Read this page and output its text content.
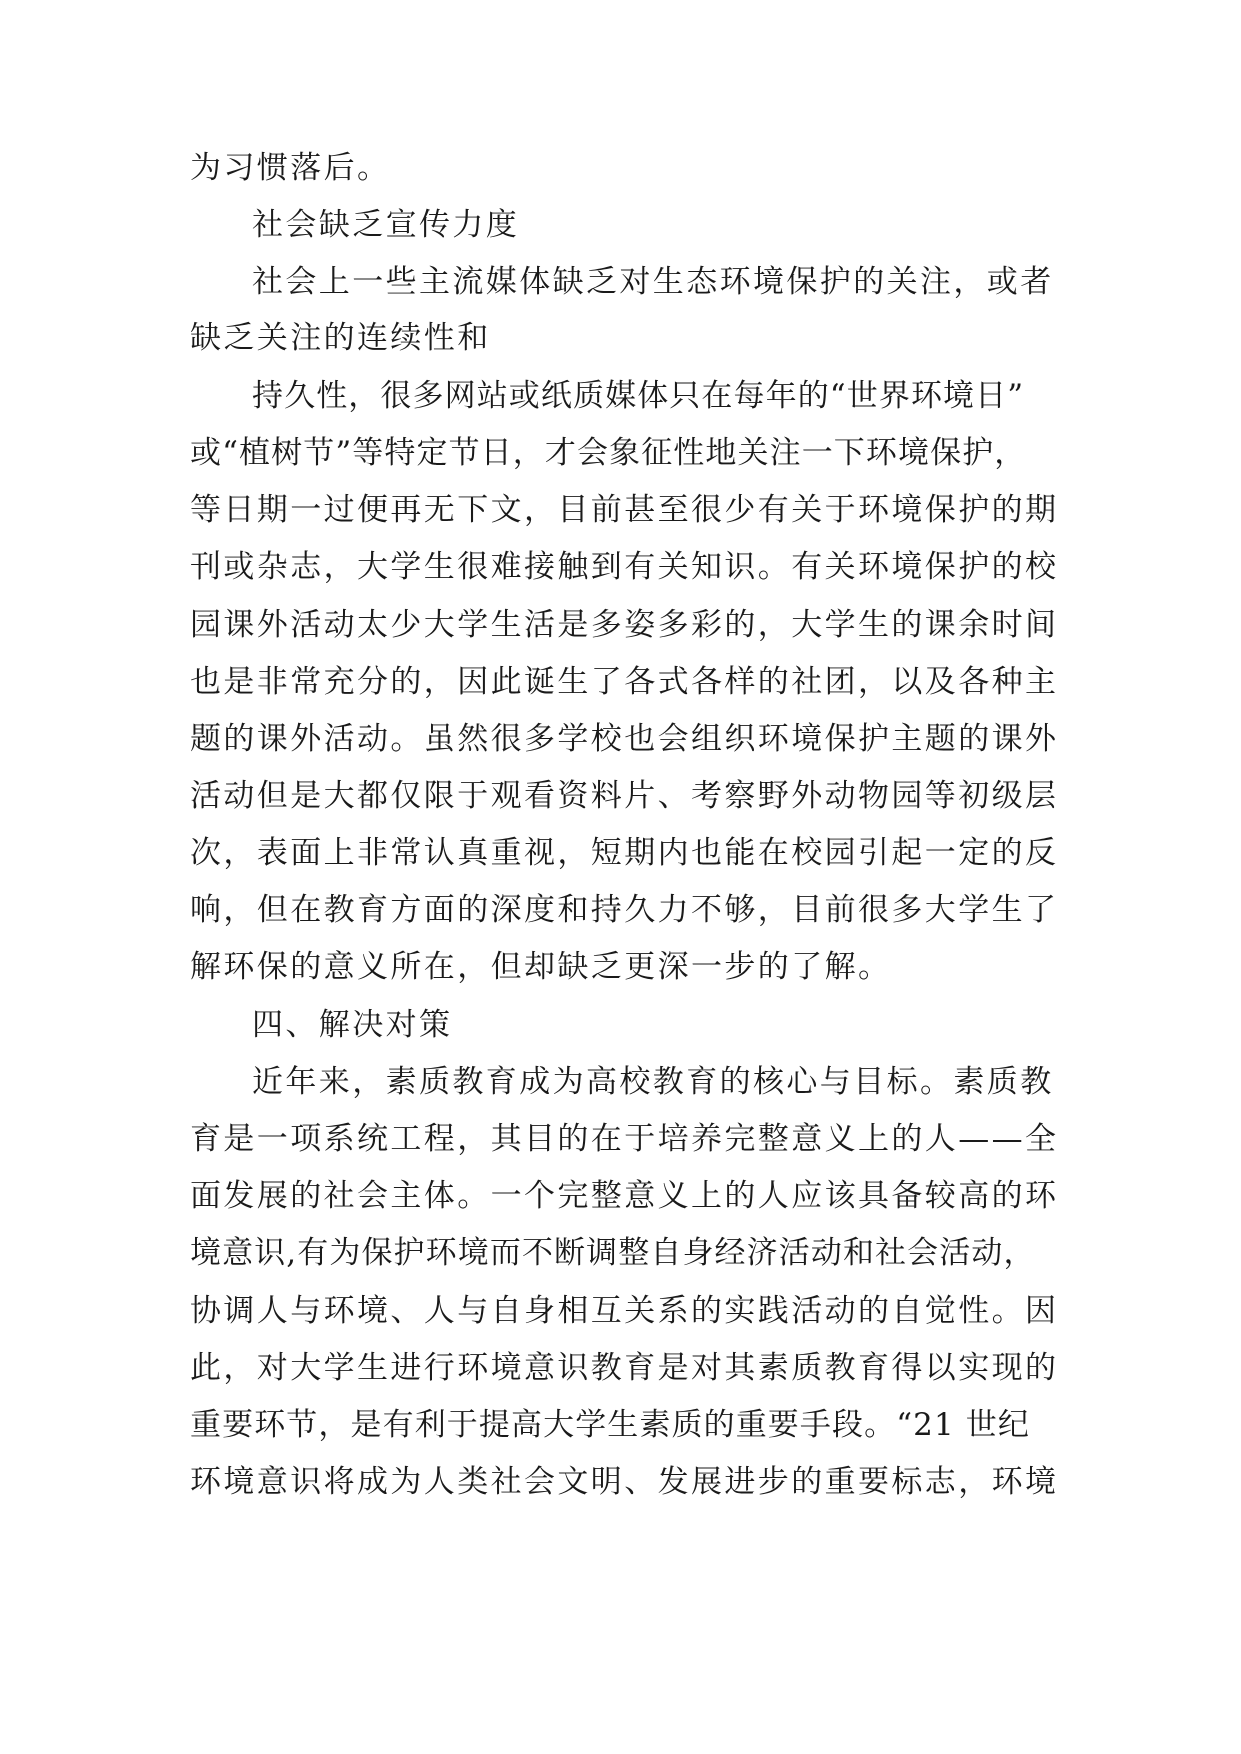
为习惯落后。
社会缺乏宣传力度
社会上一些主流媒体缺乏对生态环境保护的关注，或者
缺乏关注的连续性和
持久性，很多网站或纸质媒体只在每年的“世界环境日”
或“植树节”等特定节日，才会象征性地关注一下环境保护，
等日期一过便再无下文，目前甚至很少有关于环境保护的期
刊或杂志，大学生很难接触到有关知识。有关环境保护的校
园课外活动太少大学生活是多姿多彩的，大学生的课余时间
也是非常充分的，因此诞生了各式各样的社团，以及各种主
题的课外活动。虽然很多学校也会组织环境保护主题的课外
活动但是大都仅限于观看资料片、考察野外动物园等初级层
次，表面上非常认真重视，短期内也能在校园引起一定的反
响，但在教育方面的深度和持久力不够，目前很多大学生了
解环保的意义所在，但却缺乏更深一步的了解。
四、解决对策
近年来，素质教育成为高校教育的核心与目标。素质教
育是一项系统工程，其目的在于培养完整意义上的人——全
面发展的社会主体。一个完整意义上的人应该具备较高的环
境意识,有为保护环境而不断调整自身经济活动和社会活动，
协调人与环境、人与自身相互关系的实践活动的自觉性。因
此，对大学生进行环境意识教育是对其素质教育得以实现的
重要环节，是有利于提高大学生素质的重要手段。“21 世纪
环境意识将成为人类社会文明、发展进步的重要标志，环境
